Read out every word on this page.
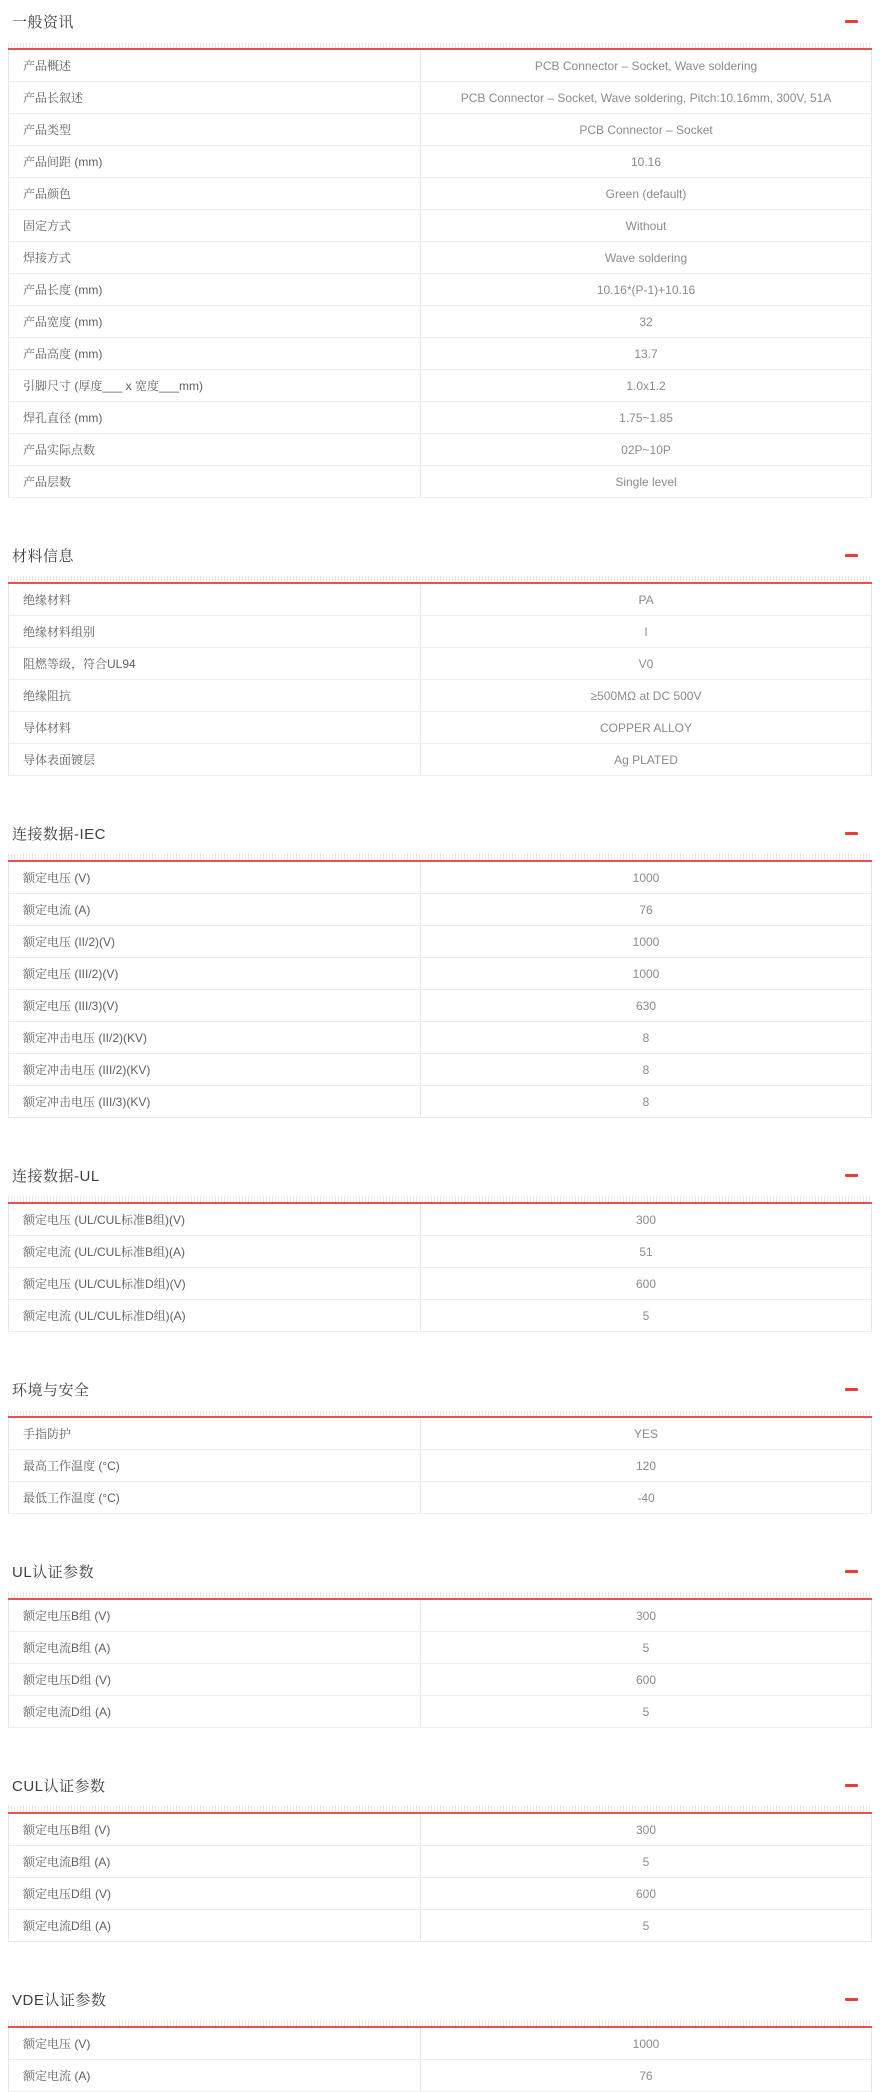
一般资讯
产品概述	PCB Connector – Socket, Wave soldering
产品长叙述	PCB Connector – Socket, Wave soldering, Pitch:10.16mm, 300V, 51A
产品类型	PCB Connector – Socket
产品间距 (mm)	10.16
产品颜色	Green (default)
固定方式	Without
焊接方式	Wave soldering
产品长度 (mm)	10.16*(P-1)+10.16
产品宽度 (mm)	32
产品高度 (mm)	13.7
引脚尺寸 (厚度___ x 宽度___mm)	1.0x1.2
焊孔直径 (mm)	1.75~1.85
产品实际点数	02P~10P
产品层数	Single level
材料信息
绝缘材料	PA
绝缘材料组别	I
阻燃等级，符合UL94	V0
绝缘阻抗	≥500MΩ at DC 500V
导体材料	COPPER ALLOY
导体表面镀层	Ag PLATED
连接数据-IEC
额定电压 (V)	1000
额定电流 (A)	76
额定电压 (II/2)(V)	1000
额定电压 (III/2)(V)	1000
额定电压 (III/3)(V)	630
额定冲击电压 (II/2)(KV)	8
额定冲击电压 (III/2)(KV)	8
额定冲击电压 (III/3)(KV)	8
连接数据-UL
额定电压 (UL/CUL标准B组)(V)	300
额定电流 (UL/CUL标准B组)(A)	51
额定电压 (UL/CUL标准D组)(V)	600
额定电流 (UL/CUL标准D组)(A)	5
环境与安全
手指防护	YES
最高工作温度 (°C)	120
最低工作温度 (°C)	-40
UL认证参数
额定电压B组 (V)	300
额定电流B组 (A)	5
额定电压D组 (V)	600
额定电流D组 (A)	5
CUL认证参数
额定电压B组 (V)	300
额定电流B组 (A)	5
额定电压D组 (V)	600
额定电流D组 (A)	5
VDE认证参数
额定电压 (V)	1000
额定电流 (A)	76
